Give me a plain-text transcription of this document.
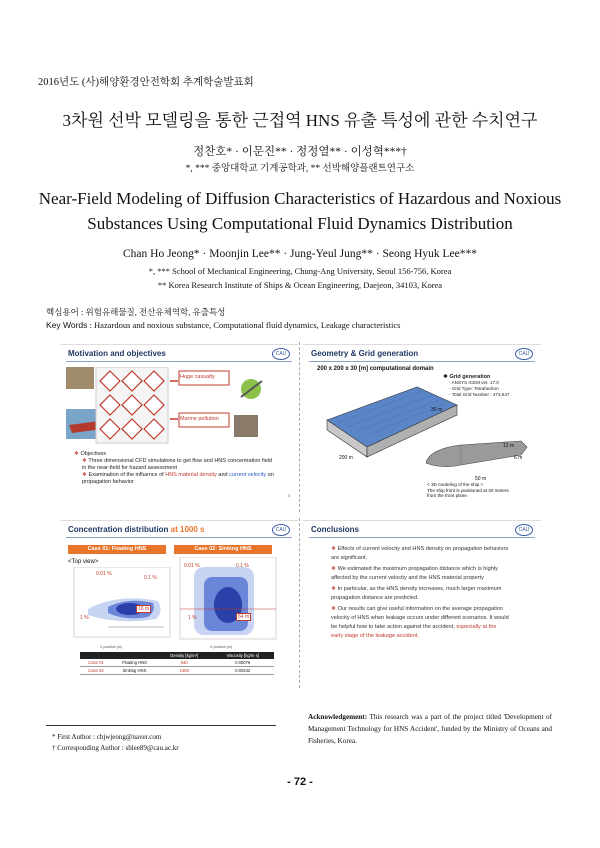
2016년도 (사)해양환경안전학회 추계학술발표회
3차원 선박 모델링을 통한 근접역 HNS 유출 특성에 관한 수치연구
정찬호* · 이문진** · 정정열** · 이성혁***†
*, *** 중앙대학교 기계공학과, ** 선박해양플랜트연구소
Near-Field Modeling of Diffusion Characteristics of Hazardous and Noxious
Substances Using Computational Fluid Dynamics Distribution
Chan Ho Jeong* · Moonjin Lee** · Jung-Yeul Jung** · Seong Hyuk Lee***
*, *** School of Mechanical Engineering, Chung-Ang University, Seoul 156-756, Korea
** Korea Research Institute of Ships & Ocean Engineering, Daejeon, 34103, Korea
핵심용어 : 위험유해물질, 전산유체역학, 유출특성
Key Words : Hazardous and noxious substance, Computational fluid dynamics, Leakage characteristics
Motivation and objectives	CAU
Huge casualty
Marine pollution
❖ Objectives
❖ Three dimensional CFD simulations to get flow and HNS concentration field in the near-field for hazard assessment
❖ Examination of the influence of HNS material density and current velocity on propagation behavior
3
Geometry & Grid generation	CAU
200 x 200 x 30 [m] computational domain
200 m
30 m
❖ Grid generation
- ANSYS ICEM ver. 17.0
- Grid Type: Tetrahedron
- Total Grid Number : 473,647
6 m
12 m
50 m
< 3D modeling of the ship >
The ship front is positioned at 40 meters
from the front plane.
Concentration distribution at 1000 s	CAU
Case 01: Floating HNS	Case 02: Sinking HNS
<Top view>
0.01 %
0.1 %
1 %
16 m
X position (m)
0.01 %	0.1 %
1 %	64 m
X position (m)
		Density [kg/m³]	Viscosity [kg/m·s]
Case 01	Floating HNS	940	0.00076
Case 02	Sinking HNS	1460	0.00242
Conclusions	CAU

❖ Effects of current velocity and HNS density on propagation behaviors are significant.

❖ We estimated the maximum propagation distance which is highly affected by the current velocity and the HNS material property

❖ In particular, as the HNS density increases, much larger maximum propagation distance are predicted.

❖ Our results can give useful information on the average propagation velocity of HNS when leakage occurs under different scenarios. It would be helpful how to take action against the accident, especially at the early stage of the leakage accident.

* First Author : chjwjeong@naver.com
† Corresponding Author : shlee89@cau.ac.kr
Acknowledgement: This research was a part of the project titled 'Development of Management Technology for HNS Accident', funded by the Ministry of Oceans and Fisheries, Korea.
- 72 -
